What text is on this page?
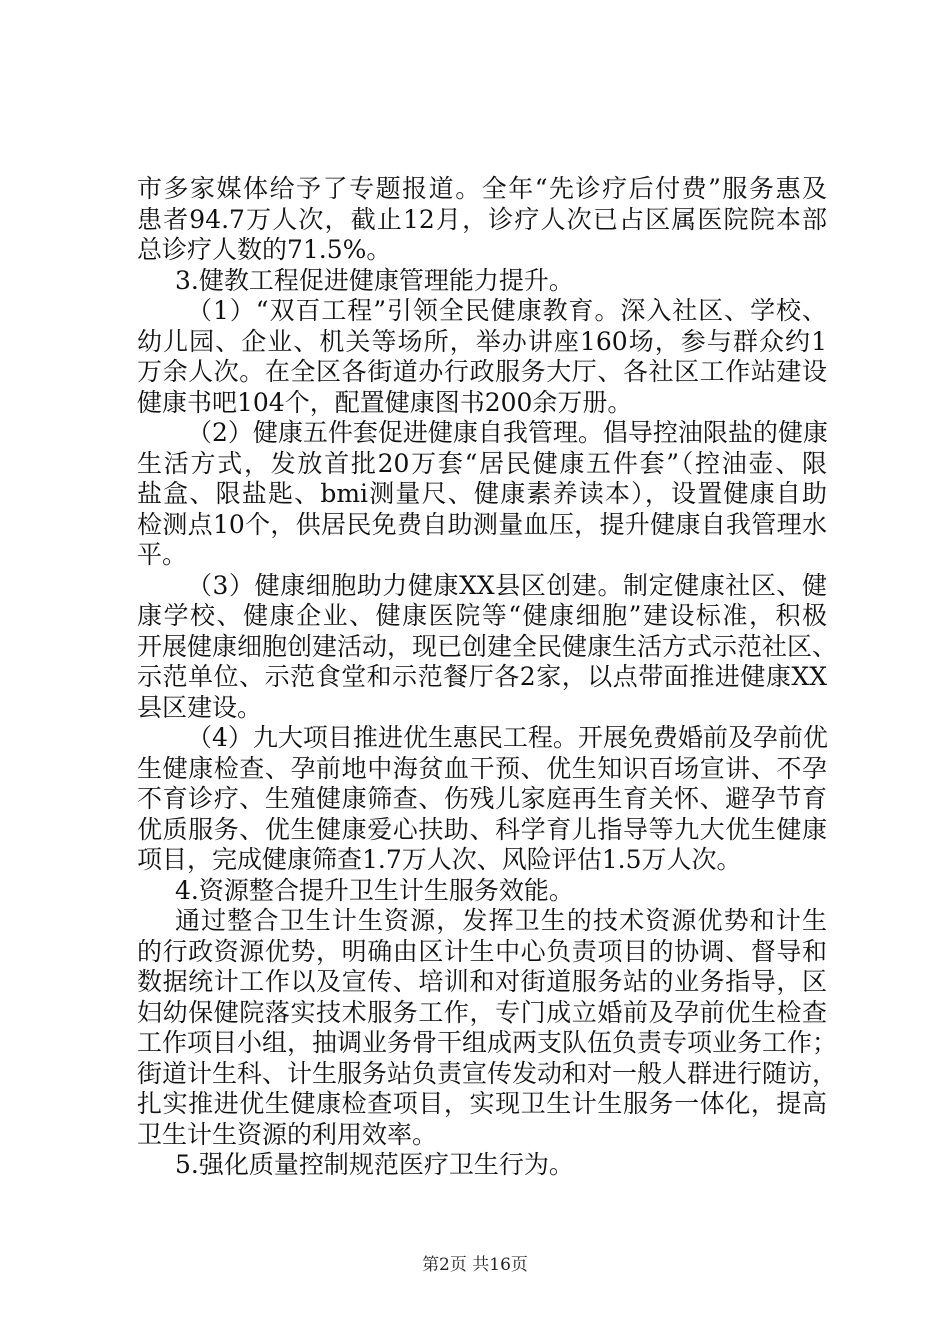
市多家媒体给予了专题报道。全年“先诊疗后付费”服务惠及
患者94.7万人次，截止12月，诊疗人次已占区属医院院本部
总诊疗人数的71.5%。
3.健教工程促进健康管理能力提升。
（1）“双百工程”引领全民健康教育。深入社区、学校、
幼儿园、企业、机关等场所，举办讲座160场，参与群众约1
万余人次。在全区各街道办行政服务大厅、各社区工作站建设
健康书吧104个，配置健康图书200余万册。
（2）健康五件套促进健康自我管理。倡导控油限盐的健康
生活方式，发放首批20万套“居民健康五件套”（控油壶、限
盐盒、限盐匙、bmi测量尺、健康素养读本），设置健康自助
检测点10个，供居民免费自助测量血压，提升健康自我管理水
平。
（3）健康细胞助力健康XX县区创建。制定健康社区、健
康学校、健康企业、健康医院等“健康细胞”建设标准，积极
开展健康细胞创建活动，现已创建全民健康生活方式示范社区、
示范单位、示范食堂和示范餐厅各2家，以点带面推进健康XX
县区建设。
（4）九大项目推进优生惠民工程。开展免费婚前及孕前优
生健康检查、孕前地中海贫血干预、优生知识百场宣讲、不孕
不育诊疗、生殖健康筛查、伤残儿家庭再生育关怀、避孕节育
优质服务、优生健康爱心扶助、科学育儿指导等九大优生健康
项目，完成健康筛查1.7万人次、风险评估1.5万人次。
4.资源整合提升卫生计生服务效能。
通过整合卫生计生资源，发挥卫生的技术资源优势和计生
的行政资源优势，明确由区计生中心负责项目的协调、督导和
数据统计工作以及宣传、培训和对街道服务站的业务指导，区
妇幼保健院落实技术服务工作，专门成立婚前及孕前优生检查
工作项目小组，抽调业务骨干组成两支队伍负责专项业务工作；
街道计生科、计生服务站负责宣传发动和对一般人群进行随访，
扎实推进优生健康检查项目，实现卫生计生服务一体化，提高
卫生计生资源的利用效率。
5.强化质量控制规范医疗卫生行为。
第2页 共16页
